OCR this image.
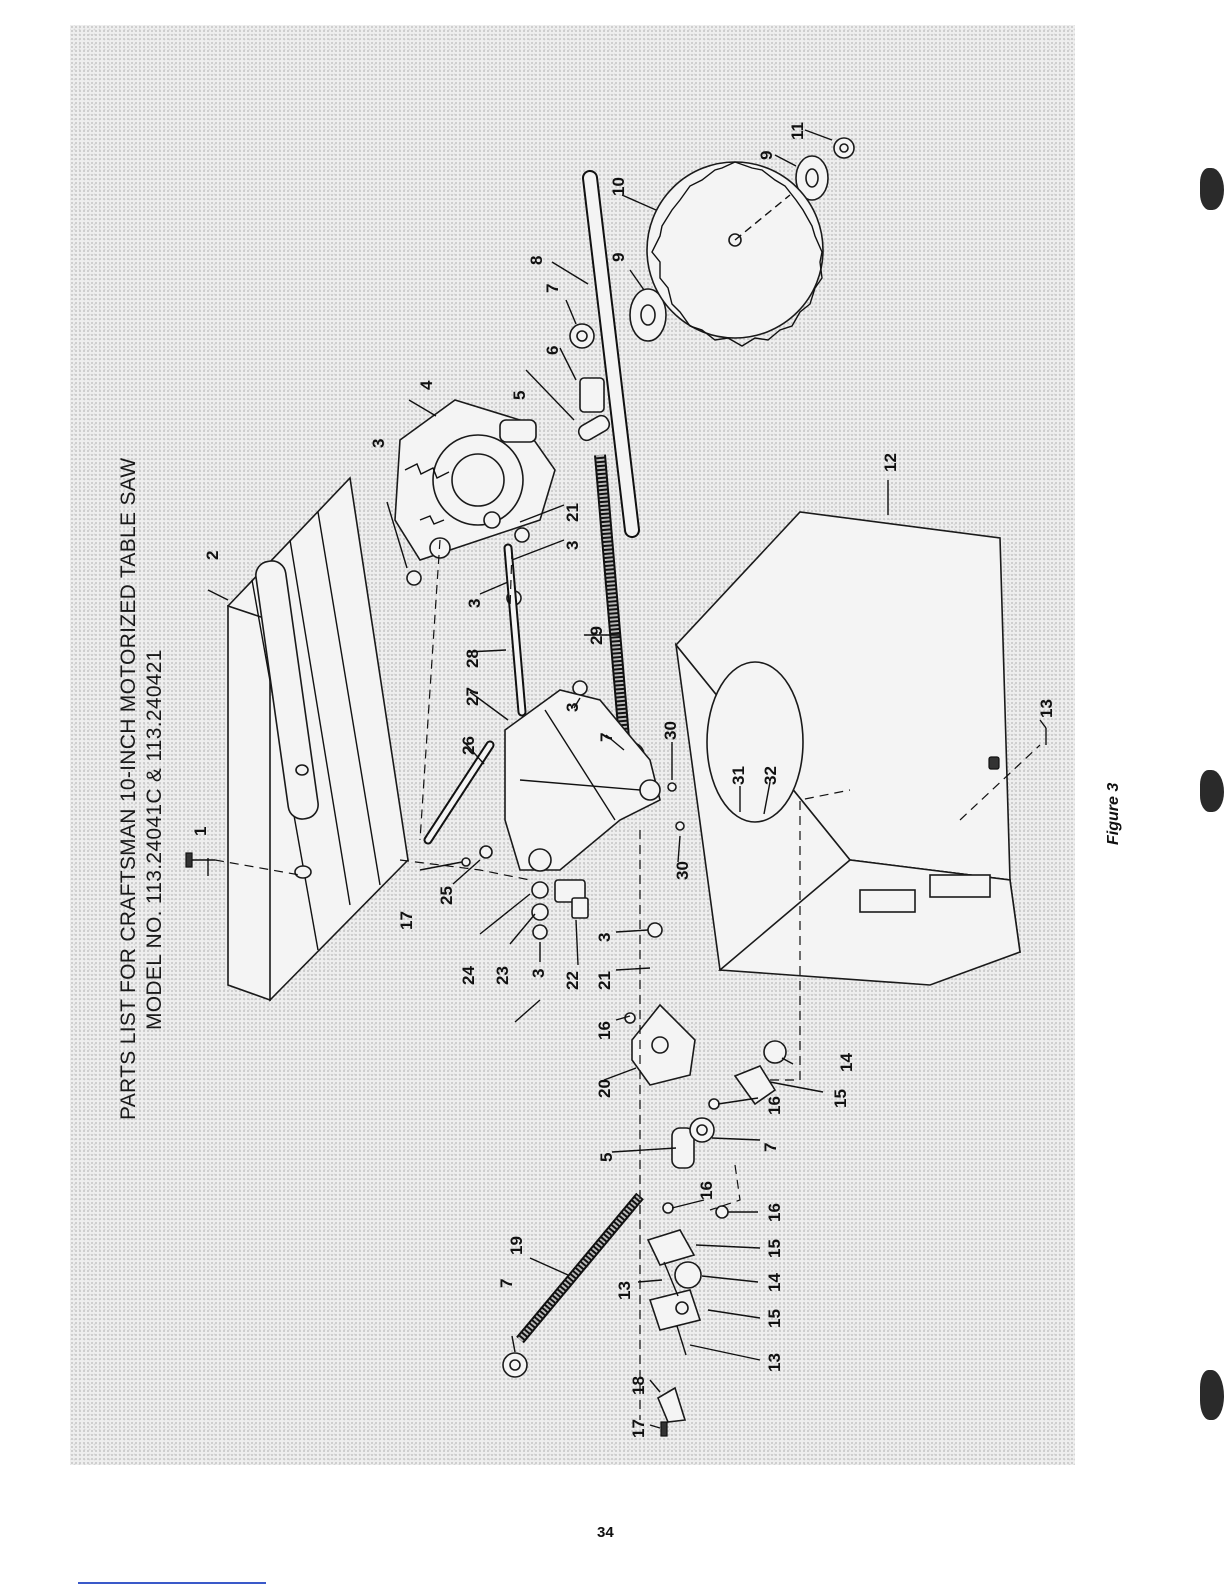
PARTS LIST FOR CRAFTSMAN 10-INCH MOTORIZED TABLE SAW MODEL NO. 113.24041C & 113.240421 1
2
3
4
5
6
7
8	9
10
9
11
12
21
3
3
28
29
27
26
3
7	30
30
31 32
17
25
24 23 3 22
3
21
16
20
5
7
14
15
16
16
16
15
14
15
13
13
13
19
7
18
17
Figure 3
34
